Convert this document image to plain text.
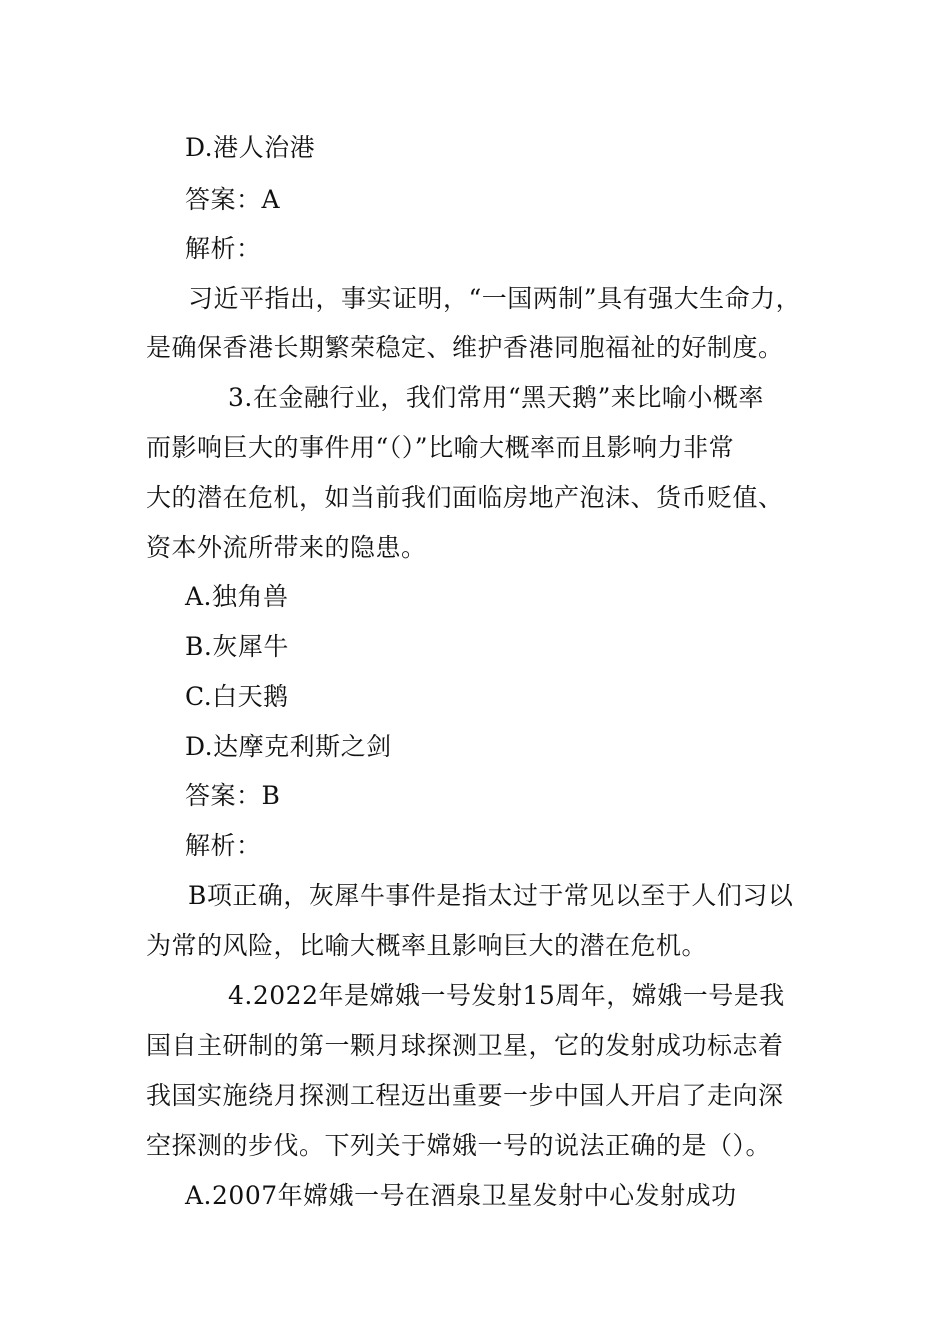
D.港人治港
答案：A
解析：
习近平指出，事实证明，“一国两制”具有强大生命力，
是确保香港长期繁荣稳定、维护香港同胞福祉的好制度。
3.在金融行业，我们常用“黑天鹅”来比喻小概率
而影响巨大的事件用“（）”比喻大概率而且影响力非常
大的潜在危机，如当前我们面临房地产泡沫、货币贬值、
资本外流所带来的隐患。
A.独角兽
B.灰犀牛
C.白天鹅
D.达摩克利斯之剑
答案：B
解析：
B项正确，灰犀牛事件是指太过于常见以至于人们习以
为常的风险，比喻大概率且影响巨大的潜在危机。
4.2022年是嫦娥一号发射15周年，嫦娥一号是我
国自主研制的第一颗月球探测卫星，它的发射成功标志着
我国实施绕月探测工程迈出重要一步中国人开启了走向深
空探测的步伐。下列关于嫦娥一号的说法正确的是（）。
A.2007年嫦娥一号在酒泉卫星发射中心发射成功
